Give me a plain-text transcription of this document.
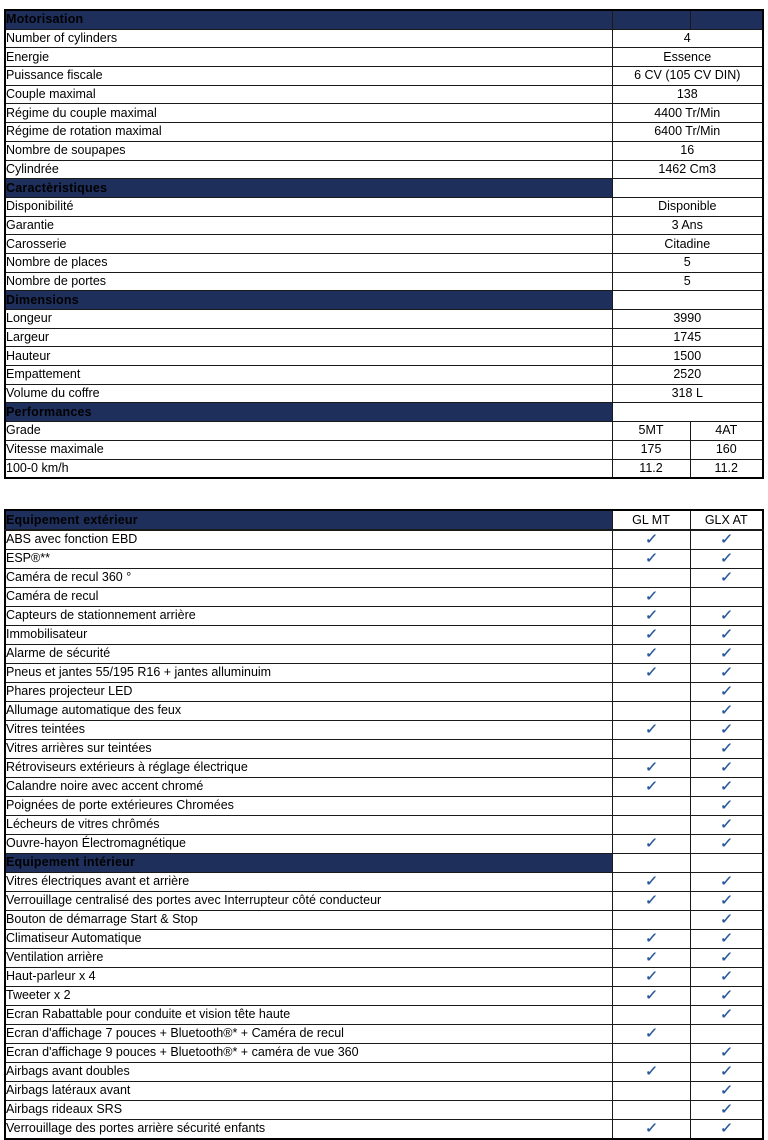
Motorisation		
Number of cylinders	4	
Energie	Essence	
Puissance fiscale	6 CV (105 CV DIN)	
Couple maximal	138	
Régime du couple maximal	4400 Tr/Min	
Régime de rotation maximal	6400 Tr/Min	
Nombre de soupapes	16	
Cylindrée	1462 Cm3	
Caractèristiques		
Disponibilité	Disponible	
Garantie	3 Ans	
Carosserie	Citadine	
Nombre de places	5	
Nombre de portes	5	
Dimensions		
Longeur	3990	
Largeur	1745	
Hauteur	1500	
Empattement	2520	
Volume du coffre	318 L	
Performances		
Grade	5MT	4AT
Vitesse maximale	175	160
100-0 km/h	11.2	11.2
Equipement extérieur	GL MT	GLX AT
ABS avec fonction EBD	✓	✓
ESP®**	✓	✓
Caméra de recul 360 °		✓
Caméra de recul	✓	
Capteurs de stationnement arrière	✓	✓
Immobilisateur	✓	✓
Alarme de sécurité	✓	✓
Pneus et jantes 55/195 R16 + jantes alluminuim	✓	✓
Phares projecteur LED		✓
Allumage automatique des feux		✓
Vitres teintées	✓	✓
Vitres arrières sur teintées		✓
Rétroviseurs extérieurs à réglage électrique	✓	✓
Calandre noire avec accent chromé	✓	✓
Poignées de porte extérieures Chromées		✓
Lécheurs de vitres chrômés		✓
Ouvre-hayon Électromagnétique	✓	✓
Equipement intérieur		
Vitres électriques avant et arrière	✓	✓
Verrouillage centralisé des portes avec Interrupteur côté conducteur	✓	✓
Bouton de démarrage Start & Stop		✓
Climatiseur Automatique	✓	✓
Ventilation arrière	✓	✓
Haut-parleur x 4	✓	✓
Tweeter x 2	✓	✓
Ecran Rabattable pour conduite et vision tête haute		✓
Ecran d'affichage 7 pouces + Bluetooth®* + Caméra de recul	✓	
Ecran d'affichage 9 pouces + Bluetooth®* + caméra de vue 360		✓
Airbags avant doubles	✓	✓
Airbags latéraux avant		✓
Airbags rideaux SRS		✓
Verrouillage des portes arrière sécurité enfants	✓	✓
